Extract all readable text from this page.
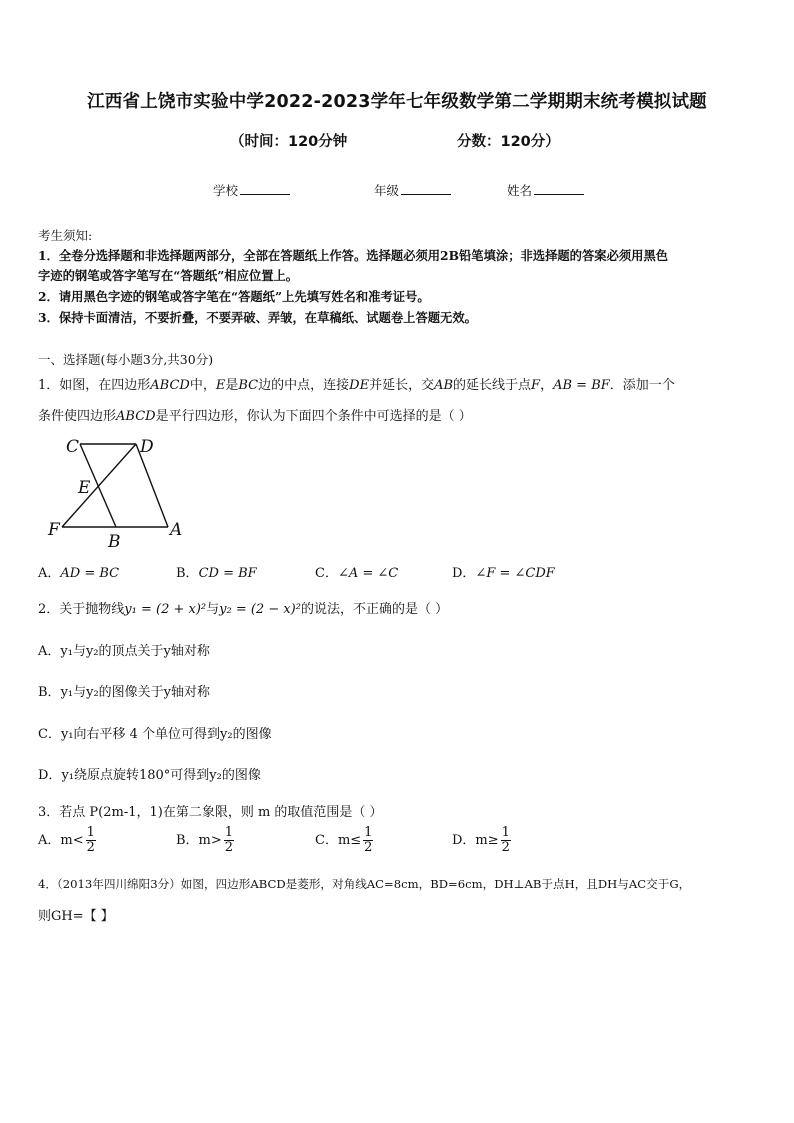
江西省上饶市实验中学2022-2023学年七年级数学第二学期期末统考模拟试题
（时间：120分钟	分数：120分）
学校	年级	姓名
考生须知:
1．全卷分选择题和非选择题两部分，全部在答题纸上作答。选择题必须用2B铅笔填涂；非选择题的答案必须用黑色
字迹的钢笔或答字笔写在“答题纸”相应位置上。
2．请用黑色字迹的钢笔或答字笔在“答题纸”上先填写姓名和准考证号。
3．保持卡面清洁，不要折叠，不要弄破、弄皱，在草稿纸、试题卷上答题无效。
一、选择题(每小题3分,共30分)
1．如图，在四边形ABCD中，E是BC边的中点，连接DE并延长，交AB的延长线于点F，AB = BF．添加一个
条件使四边形ABCD是平行四边形，你认为下面四个条件中可选择的是（ ）
C	D
E
F
B
A
A．AD = BC	B．CD = BF	C．∠A = ∠C	D．∠F = ∠CDF
2．关于抛物线y₁ = (2 + x)²与y₂ = (2 − x)²的说法，不正确的是（ ）
A．y₁与y₂的顶点关于y轴对称
B．y₁与y₂的图像关于y轴对称
C．y₁向右平移 4 个单位可得到y₂的图像
D．y₁绕原点旋转180°可得到y₂的图像
3．若点 P(2m-1，1)在第二象限，则 m 的取值范围是（ ）
A．$m< \frac{1}{2}$	B．$m> \frac{1}{2}$	C．$m\le \frac{1}{2}$	D．$m\ge \frac{1}{2}$
4．（2013年四川绵阳3分）如图，四边形ABCD是菱形，对角线AC=8cm，BD=6cm，DH⊥AB于点H，且DH与AC交于G，
则GH=【 】
